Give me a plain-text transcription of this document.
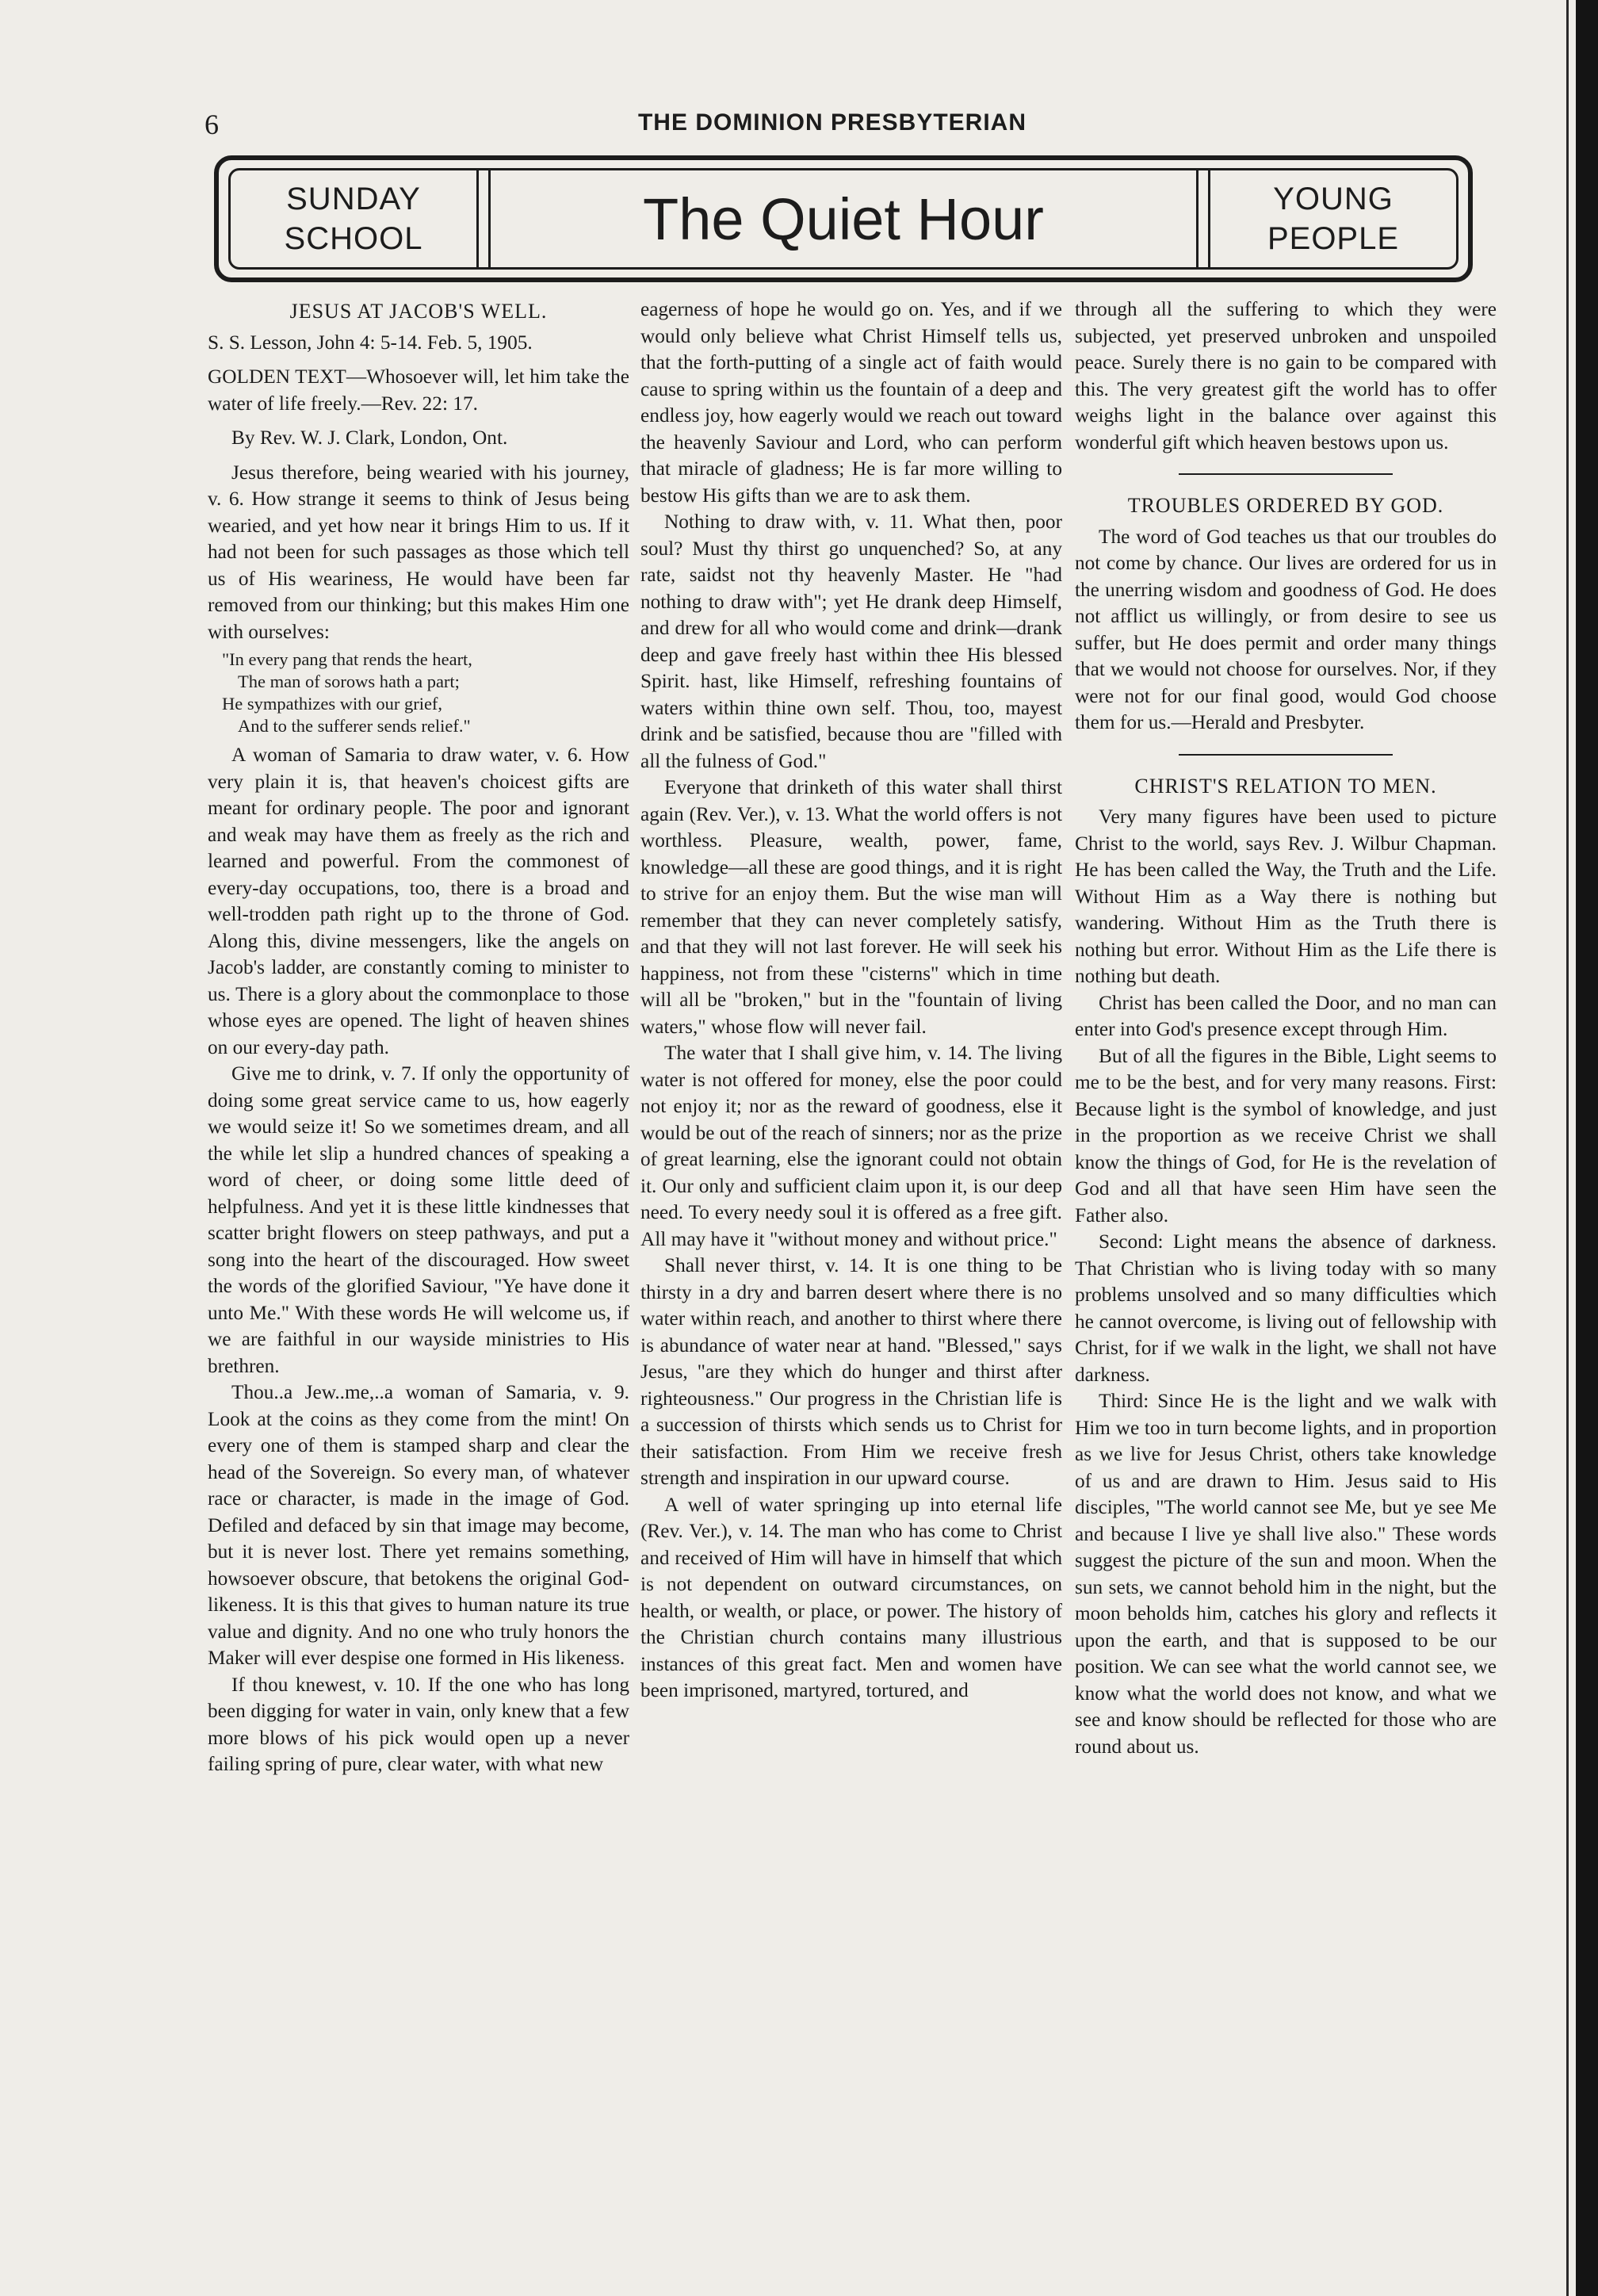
6	THE DOMINION PRESBYTERIAN
SUNDAY
SCHOOL	The Quiet Hour	YOUNG
PEOPLE
JESUS AT JACOB'S WELL.

S. S. Lesson, John 4: 5-14. Feb. 5, 1905.

GOLDEN TEXT—Whosoever will, let him take the water of life freely.—Rev. 22: 17.

By Rev. W. J. Clark, London, Ont.

Jesus therefore, being wearied with his journey, v. 6. How strange it seems to think of Jesus being wearied, and yet how near it brings Him to us. If it had not been for such passages as those which tell us of His weariness, He would have been far removed from our thinking; but this makes Him one with ourselves:

"In every pang that rends the heart,
The man of sorows hath a part;
He sympathizes with our grief,
And to the sufferer sends relief."

A woman of Samaria to draw water, v. 6. How very plain it is, that heaven's choicest gifts are meant for ordinary people. The poor and ignorant and weak may have them as freely as the rich and learned and powerful. From the commonest of every-day occupations, too, there is a broad and well-trodden path right up to the throne of God. Along this, divine messengers, like the angels on Jacob's ladder, are constantly coming to minister to us. There is a glory about the commonplace to those whose eyes are opened. The light of heaven shines on our every-day path.

Give me to drink, v. 7. If only the opportunity of doing some great service came to us, how eagerly we would seize it! So we sometimes dream, and all the while let slip a hundred chances of speaking a word of cheer, or doing some little deed of helpfulness. And yet it is these little kindnesses that scatter bright flowers on steep pathways, and put a song into the heart of the discouraged. How sweet the words of the glorified Saviour, "Ye have done it unto Me." With these words He will welcome us, if we are faithful in our wayside ministries to His brethren.

Thou..a Jew..me,..a woman of Samaria, v. 9. Look at the coins as they come from the mint! On every one of them is stamped sharp and clear the head of the Sovereign. So every man, of whatever race or character, is made in the image of God. Defiled and defaced by sin that image may become, but it is never lost. There yet remains something, howsoever obscure, that betokens the original God-likeness. It is this that gives to human nature its true value and dignity. And no one who truly honors the Maker will ever despise one formed in His likeness.

If thou knewest, v. 10. If the one who has long been digging for water in vain, only knew that a few more blows of his pick would open up a never failing spring of pure, clear water, with what new

eagerness of hope he would go on. Yes, and if we would only believe what Christ Himself tells us, that the forth-putting of a single act of faith would cause to spring within us the fountain of a deep and endless joy, how eagerly would we reach out toward the heavenly Saviour and Lord, who can perform that miracle of gladness; He is far more willing to bestow His gifts than we are to ask them.

Nothing to draw with, v. 11. What then, poor soul? Must thy thirst go unquenched? So, at any rate, saidst not thy heavenly Master. He "had nothing to draw with"; yet He drank deep Himself, and drew for all who would come and drink—drank deep and gave freely hast within thee His blessed Spirit. hast, like Himself, refreshing fountains of waters within thine own self. Thou, too, mayest drink and be satisfied, because thou are "filled with all the fulness of God."

Everyone that drinketh of this water shall thirst again (Rev. Ver.), v. 13. What the world offers is not worthless. Pleasure, wealth, power, fame, knowledge—all these are good things, and it is right to strive for an enjoy them. But the wise man will remember that they can never completely satisfy, and that they will not last forever. He will seek his happiness, not from these "cisterns" which in time will all be "broken," but in the "fountain of living waters," whose flow will never fail.

The water that I shall give him, v. 14. The living water is not offered for money, else the poor could not enjoy it; nor as the reward of goodness, else it would be out of the reach of sinners; nor as the prize of great learning, else the ignorant could not obtain it. Our only and sufficient claim upon it, is our deep need. To every needy soul it is offered as a free gift. All may have it "without money and without price."

Shall never thirst, v. 14. It is one thing to be thirsty in a dry and barren desert where there is no water within reach, and another to thirst where there is abundance of water near at hand. "Blessed," says Jesus, "are they which do hunger and thirst after righteousness." Our progress in the Christian life is a succession of thirsts which sends us to Christ for their satisfaction. From Him we receive fresh strength and inspiration in our upward course.

A well of water springing up into eternal life (Rev. Ver.), v. 14. The man who has come to Christ and received of Him will have in himself that which is not dependent on outward circumstances, on health, or wealth, or place, or power. The history of the Christian church contains many illustrious instances of this great fact. Men and women have been imprisoned, martyred, tortured, and

through all the suffering to which they were subjected, yet preserved unbroken and unspoiled peace. Surely there is no gain to be compared with this. The very greatest gift the world has to offer weighs light in the balance over against this wonderful gift which heaven bestows upon us.

TROUBLES ORDERED BY GOD.

The word of God teaches us that our troubles do not come by chance. Our lives are ordered for us in the unerring wisdom and goodness of God. He does not afflict us willingly, or from desire to see us suffer, but He does permit and order many things that we would not choose for ourselves. Nor, if they were not for our final good, would God choose them for us.—Herald and Presbyter.

CHRIST'S RELATION TO MEN.

Very many figures have been used to picture Christ to the world, says Rev. J. Wilbur Chapman. He has been called the Way, the Truth and the Life. Without Him as a Way there is nothing but wandering. Without Him as the Truth there is nothing but error. Without Him as the Life there is nothing but death.

Christ has been called the Door, and no man can enter into God's presence except through Him.

But of all the figures in the Bible, Light seems to me to be the best, and for very many reasons. First: Because light is the symbol of knowledge, and just in the proportion as we receive Christ we shall know the things of God, for He is the revelation of God and all that have seen Him have seen the Father also.

Second: Light means the absence of darkness. That Christian who is living today with so many problems unsolved and so many difficulties which he cannot overcome, is living out of fellowship with Christ, for if we walk in the light, we shall not have darkness.

Third: Since He is the light and we walk with Him we too in turn become lights, and in proportion as we live for Jesus Christ, others take knowledge of us and are drawn to Him. Jesus said to His disciples, "The world cannot see Me, but ye see Me and because I live ye shall live also." These words suggest the picture of the sun and moon. When the sun sets, we cannot behold him in the night, but the moon beholds him, catches his glory and reflects it upon the earth, and that is supposed to be our position. We can see what the world cannot see, we know what the world does not know, and what we see and know should be reflected for those who are round about us.
